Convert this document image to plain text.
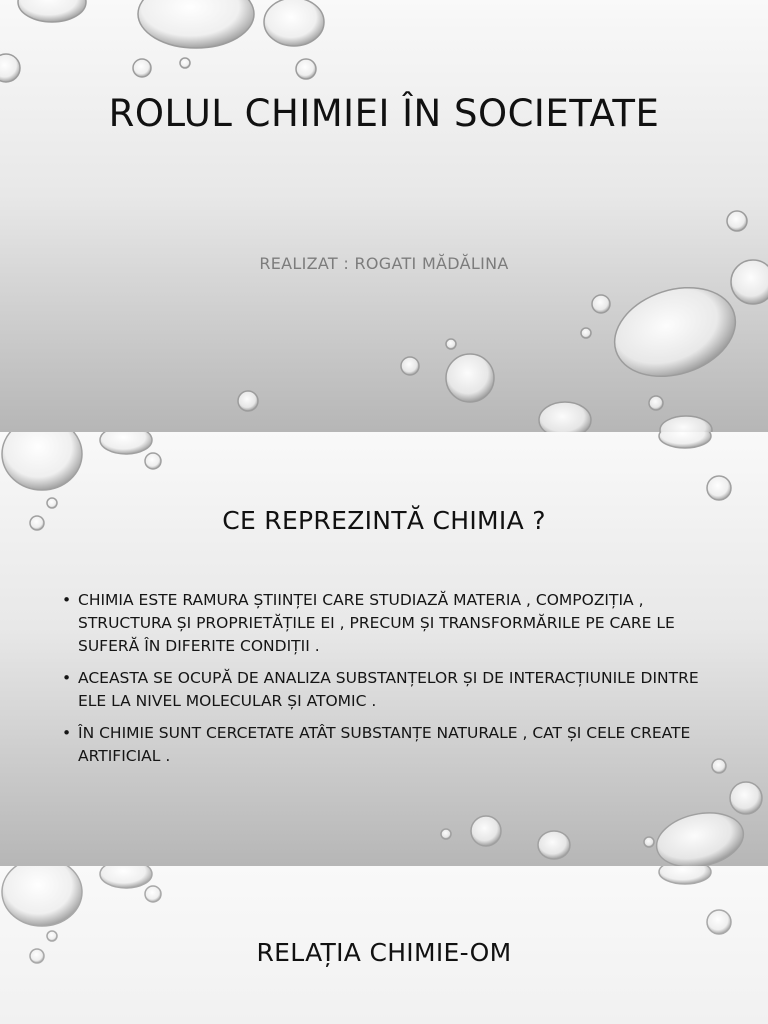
ROLUL CHIMIEI ÎN SOCIETATE
REALIZAT : ROGATI MĂDĂLINA
CE REPREZINTĂ CHIMIA ?
• CHIMIA ESTE RAMURA ȘTIINȚEI CARE STUDIAZĂ MATERIA , COMPOZIȚIA , STRUCTURA ȘI PROPRIETĂȚILE EI , PRECUM ȘI TRANSFORMĂRILE PE CARE LE SUFERĂ ÎN DIFERITE CONDIȚII .
• ACEASTA SE OCUPĂ DE ANALIZA SUBSTANȚELOR ȘI DE INTERACȚIUNILE DINTRE ELE LA NIVEL MOLECULAR ȘI ATOMIC .
• ÎN CHIMIE SUNT CERCETATE ATÂT SUBSTANȚE NATURALE , CAT ȘI CELE CREATE ARTIFICIAL .
RELAȚIA CHIMIE-OM
